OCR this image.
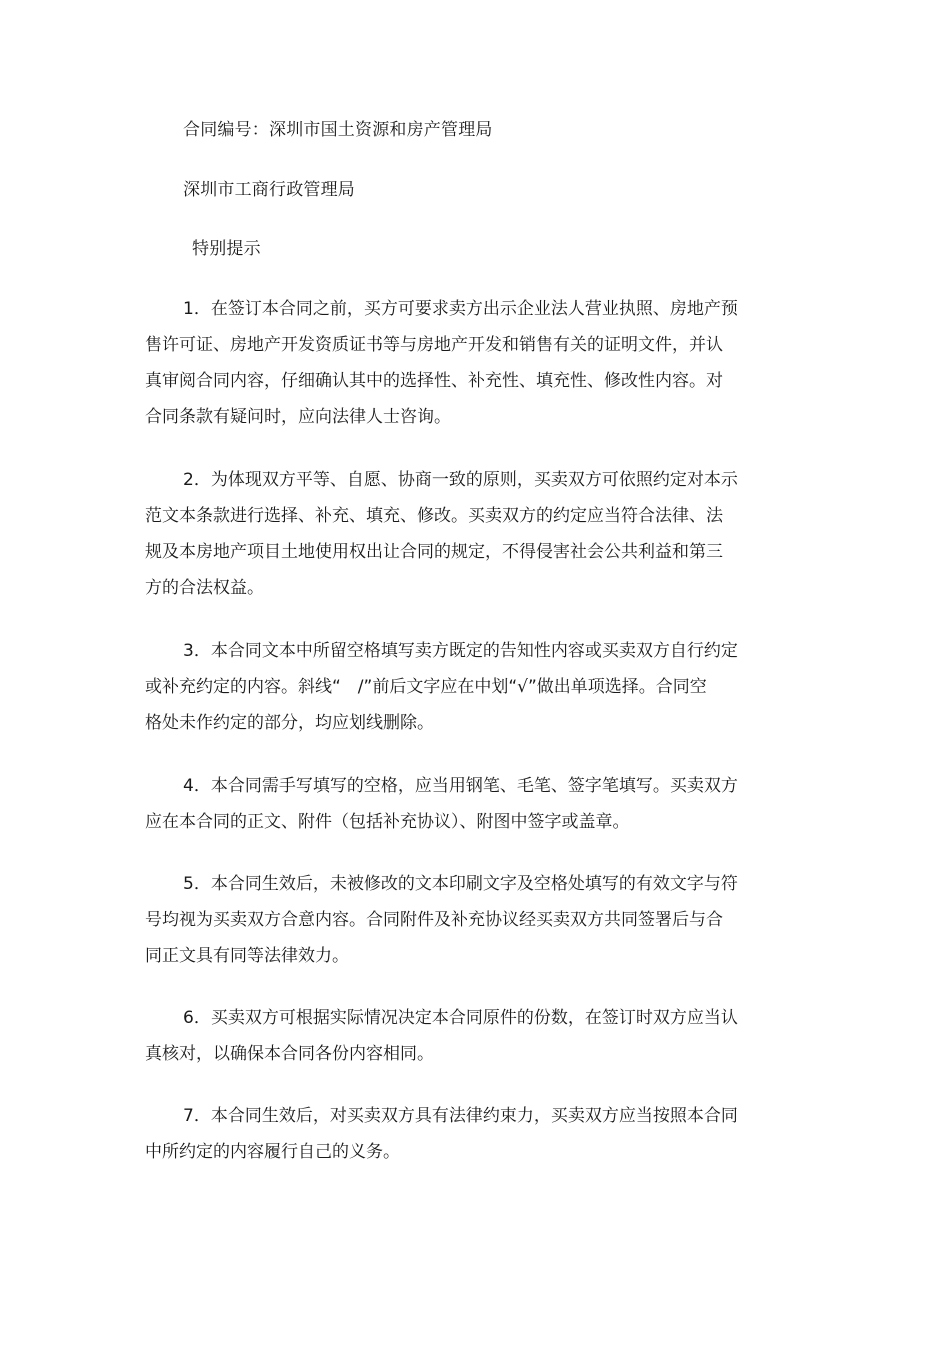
合同编号：深圳市国土资源和房产管理局
深圳市工商行政管理局
特别提示
1．在签订本合同之前，买方可要求卖方出示企业法人营业执照、房地产预
售许可证、房地产开发资质证书等与房地产开发和销售有关的证明文件，并认
真审阅合同内容，仔细确认其中的选择性、补充性、填充性、修改性内容。对
合同条款有疑问时，应向法律人士咨询。
2．为体现双方平等、自愿、协商一致的原则，买卖双方可依照约定对本示
范文本条款进行选择、补充、填充、修改。买卖双方的约定应当符合法律、法
规及本房地产项目土地使用权出让合同的规定，不得侵害社会公共利益和第三
方的合法权益。
3．本合同文本中所留空格填写卖方既定的告知性内容或买卖双方自行约定
或补充约定的内容。斜线“　/”前后文字应在中划“√”做出单项选择。合同空
格处未作约定的部分，均应划线删除。
4．本合同需手写填写的空格，应当用钢笔、毛笔、签字笔填写。买卖双方
应在本合同的正文、附件（包括补充协议）、附图中签字或盖章。
5．本合同生效后，未被修改的文本印刷文字及空格处填写的有效文字与符
号均视为买卖双方合意内容。合同附件及补充协议经买卖双方共同签署后与合
同正文具有同等法律效力。
6．买卖双方可根据实际情况决定本合同原件的份数，在签订时双方应当认
真核对，以确保本合同各份内容相同。
7．本合同生效后，对买卖双方具有法律约束力，买卖双方应当按照本合同
中所约定的内容履行自己的义务。
